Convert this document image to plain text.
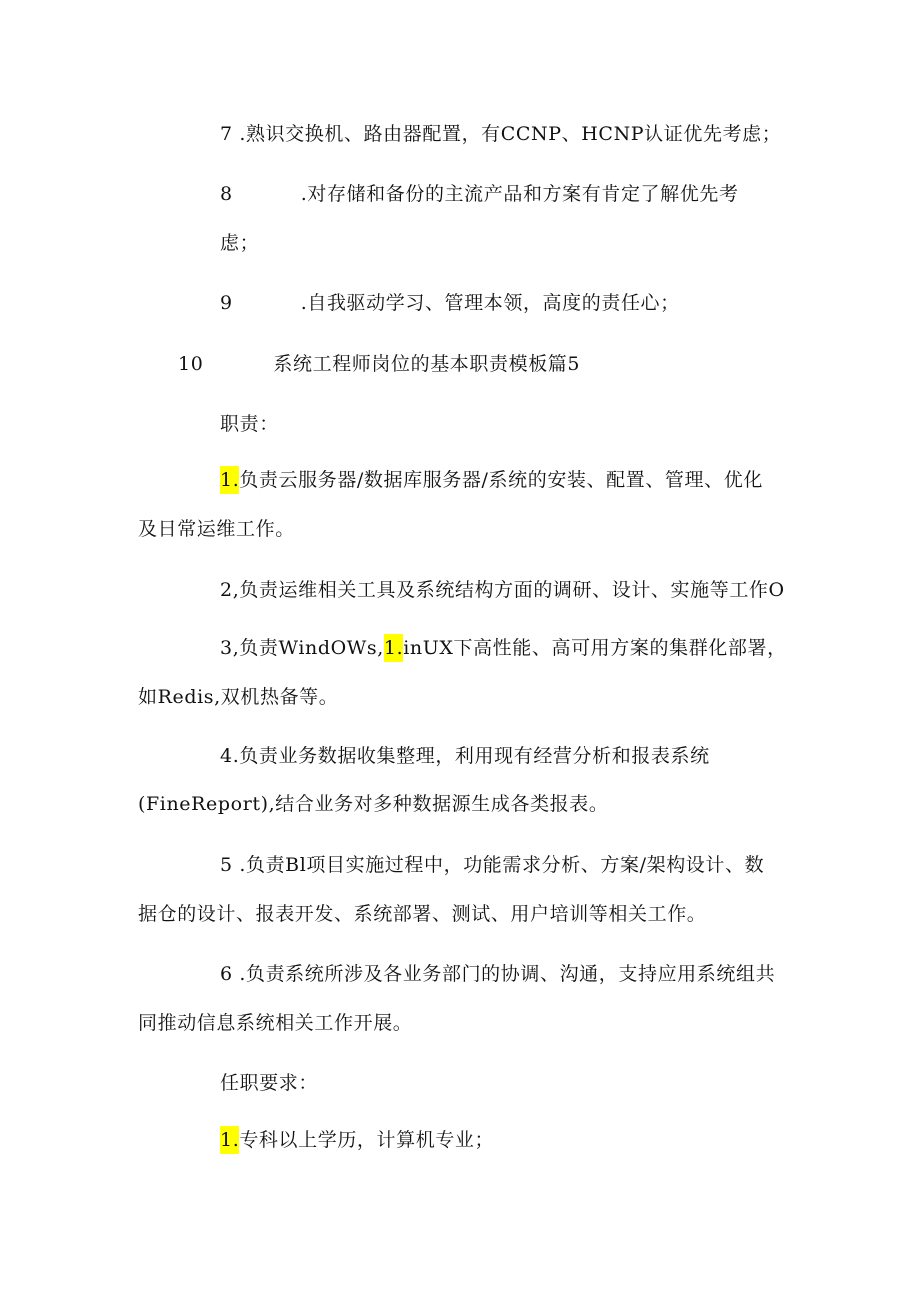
7 .熟识交换机、路由器配置，有CCNP、HCNP认证优先考虑；
8	.对存储和备份的主流产品和方案有肯定了解优先考
虑；
9	.自我驱动学习、管理本领，高度的责任心；
10	系统工程师岗位的基本职责模板篇5
职责：
1.负责云服务器/数据库服务器/系统的安装、配置、管理、优化
及日常运维工作。
2,负责运维相关工具及系统结构方面的调研、设计、实施等工作O
3,负责WindOWs,1.inUX下高性能、高可用方案的集群化部署，
如Redis,双机热备等。
4.负责业务数据收集整理，利用现有经营分析和报表系统
(FineReport),结合业务对多种数据源生成各类报表。
5 .负责Bl项目实施过程中，功能需求分析、方案/架构设计、数
据仓的设计、报表开发、系统部署、测试、用户培训等相关工作。
6 .负责系统所涉及各业务部门的协调、沟通，支持应用系统组共
同推动信息系统相关工作开展。
任职要求：
1.专科以上学历，计算机专业；
